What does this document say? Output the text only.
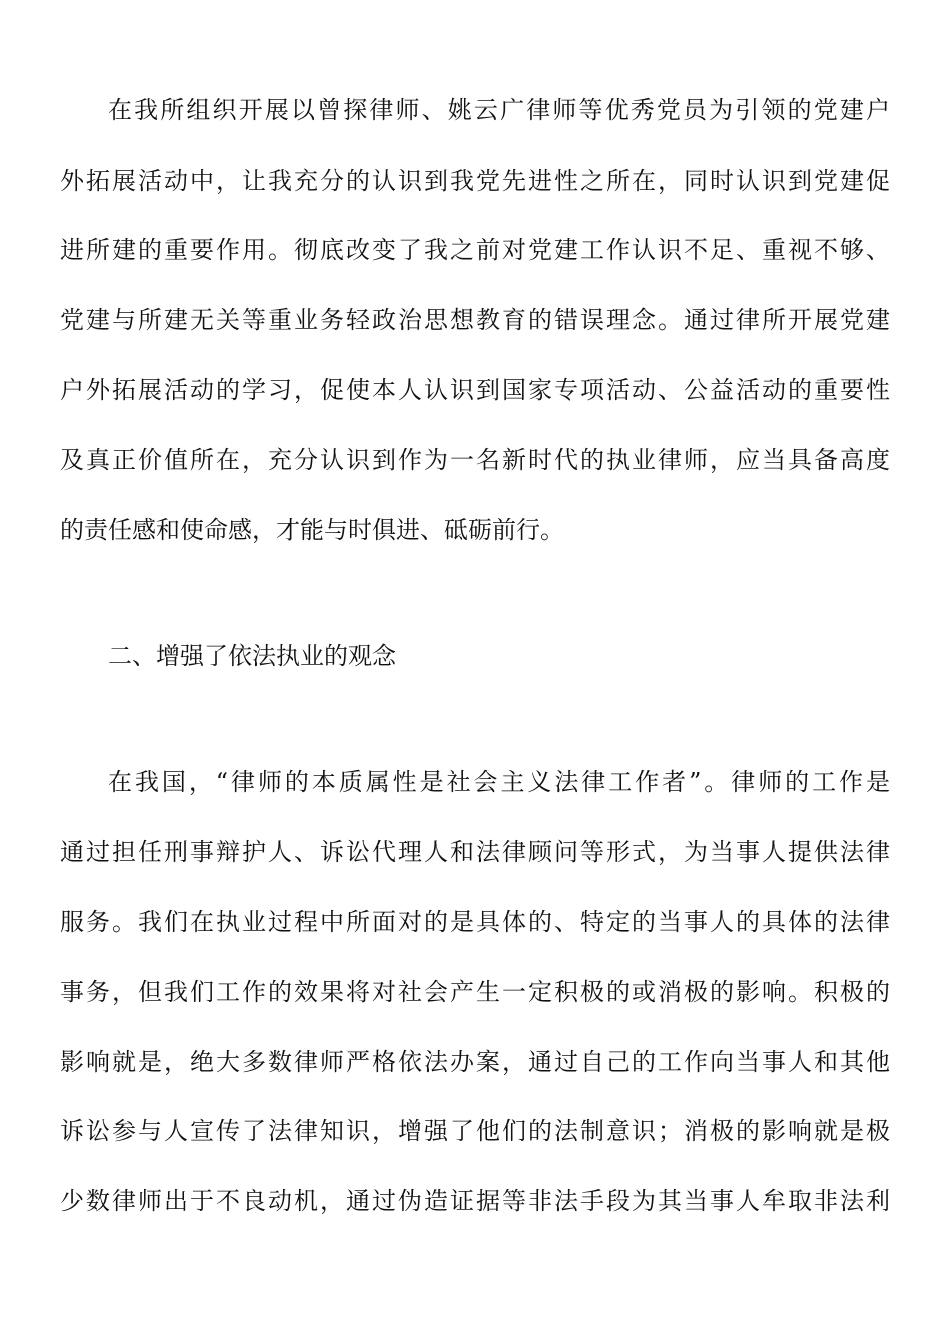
在我所组织开展以曾探律师、姚云广律师等优秀党员为引领的党建户
外拓展活动中，让我充分的认识到我党先进性之所在，同时认识到党建促
进所建的重要作用。彻底改变了我之前对党建工作认识不足、重视不够、
党建与所建无关等重业务轻政治思想教育的错误理念。通过律所开展党建
户外拓展活动的学习，促使本人认识到国家专项活动、公益活动的重要性
及真正价值所在，充分认识到作为一名新时代的执业律师，应当具备高度
的责任感和使命感，才能与时俱进、砥砺前行。
二、增强了依法执业的观念
在我国，“律师的本质属性是社会主义法律工作者”。律师的工作是
通过担任刑事辩护人、诉讼代理人和法律顾问等形式，为当事人提供法律
服务。我们在执业过程中所面对的是具体的、特定的当事人的具体的法律
事务，但我们工作的效果将对社会产生一定积极的或消极的影响。积极的
影响就是，绝大多数律师严格依法办案，通过自己的工作向当事人和其他
诉讼参与人宣传了法律知识，增强了他们的法制意识；消极的影响就是极
少数律师出于不良动机，通过伪造证据等非法手段为其当事人牟取非法利
